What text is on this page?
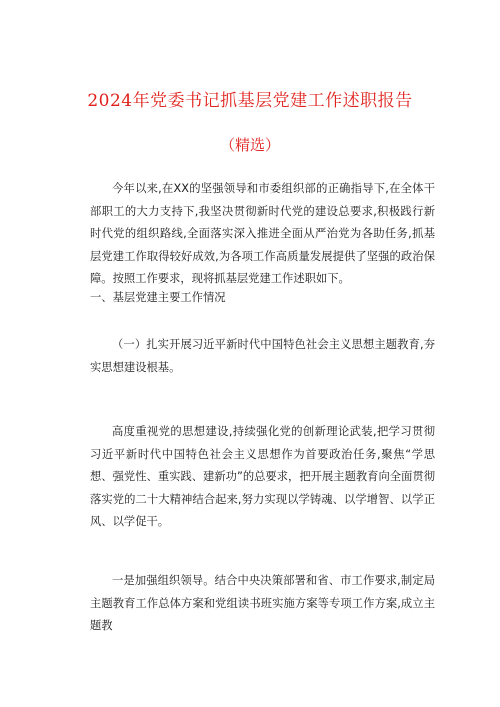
2024年党委书记抓基层党建工作述职报告
（精选）

今年以来,在XX的坚强领导和市委组织部的正确指导下,在全体干部职工的大力支持下,我坚决贯彻新时代党的建设总要求,积极践行新时代党的组织路线,全面落实深入推进全面从严治党为各助任务,抓基层党建工作取得较好成效,为各项工作高质量发展提供了坚强的政治保障。按照工作要求，现将抓基层党建工作述职如下。

一、基层党建主要工作情况

（一）扎实开展习近平新时代中国特色社会主义思想主题教育,夯实思想建设根基。

高度重视党的思想建设,持续强化党的创新理论武装,把学习贯彻习近平新时代中国特色社会主义思想作为首要政治任务,聚焦“学思想、强党性、重实践、建新功”的总要求，把开展主题教育向全面贯彻落实党的二十大精神结合起来,努力实现以学铸魂、以学增智、以学正风、以学促干。

一是加强组织领导。结合中央决策部署和省、市工作要求,制定局主题教育工作总体方案和党组读书班实施方案等专项工作方案,成立主题教
